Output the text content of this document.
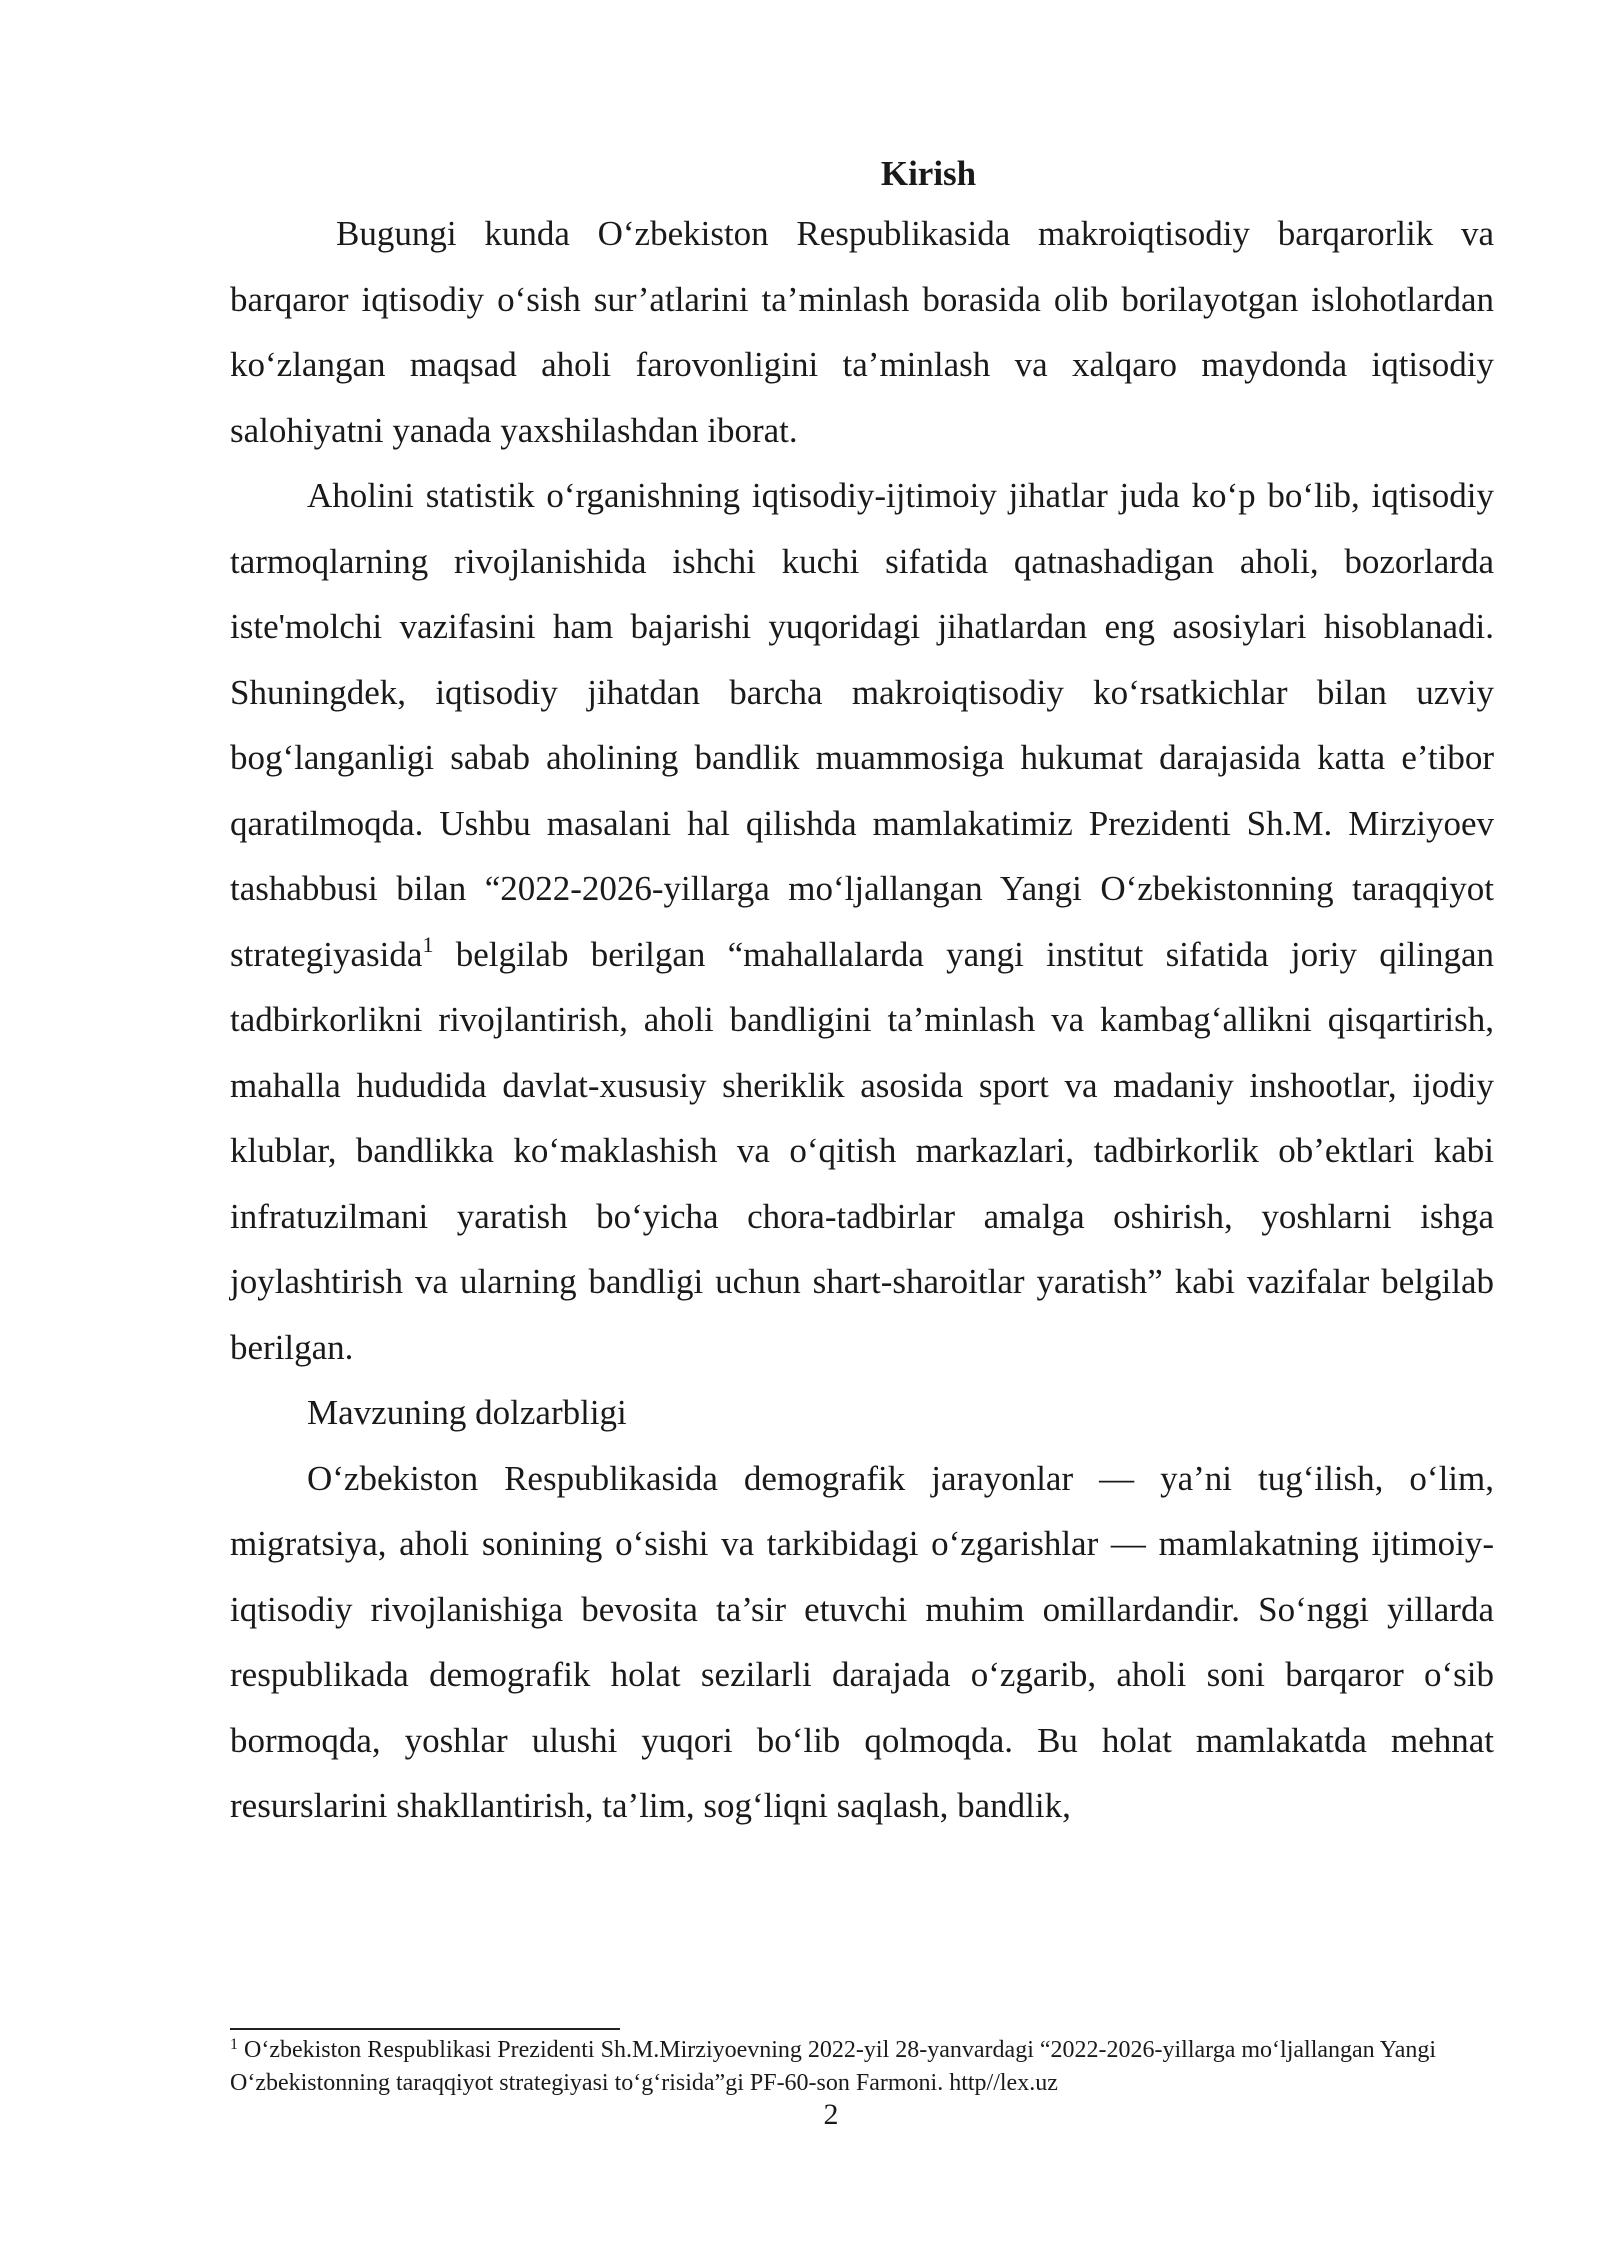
Kirish

Bugungi kunda O‘zbekiston Respublikasida makroiqtisodiy barqarorlik va barqaror iqtisodiy o‘sish sur’atlarini ta’minlash borasida olib borilayotgan islohotlardan ko‘zlangan maqsad aholi farovonligini ta’minlash va xalqaro maydonda iqtisodiy salohiyatni yanada yaxshilashdan iborat.

Aholini statistik o‘rganishning iqtisodiy-ijtimoiy jihatlar juda ko‘p bo‘lib, iqtisodiy tarmoqlarning rivojlanishida ishchi kuchi sifatida qatnashadigan aholi, bozorlarda iste'molchi vazifasini ham bajarishi yuqoridagi jihatlardan eng asosiylari hisoblanadi. Shuningdek, iqtisodiy jihatdan barcha makroiqtisodiy ko‘rsatkichlar bilan uzviy bog‘langanligi sabab aholining bandlik muammosiga hukumat darajasida katta e’tibor qaratilmoqda. Ushbu masalani hal qilishda mamlakatimiz Prezidenti Sh.M. Mirziyoev tashabbusi bilan “2022-2026-yillarga mo‘ljallangan Yangi O‘zbekistonning taraqqiyot strategiyasida$^1$ belgilab berilgan “mahallalarda yangi institut sifatida joriy qilingan tadbirkorlikni rivojlantirish, aholi bandligini ta’minlash va kambag‘allikni qisqartirish, mahalla hududida davlat-xususiy sheriklik asosida sport va madaniy inshootlar, ijodiy klublar, bandlikka ko‘maklashish va o‘qitish markazlari, tadbirkorlik ob’ektlari kabi infratuzilmani yaratish bo‘yicha chora-tadbirlar amalga oshirish, yoshlarni ishga joylashtirish va ularning bandligi uchun shart-sharoitlar yaratish” kabi vazifalar belgilab berilgan.

Mavzuning dolzarbligi

O‘zbekiston Respublikasida demografik jarayonlar — ya’ni tug‘ilish, o‘lim, migratsiya, aholi sonining o‘sishi va tarkibidagi o‘zgarishlar — mamlakatning ijtimoiy-iqtisodiy rivojlanishiga bevosita ta’sir etuvchi muhim omillardandir. So‘nggi yillarda respublikada demografik holat sezilarli darajada o‘zgarib, aholi soni barqaror o‘sib bormoqda, yoshlar ulushi yuqori bo‘lib qolmoqda. Bu holat mamlakatda mehnat resurslarini shakllantirish, ta’lim, sog‘liqni saqlash, bandlik,

$^1$ O‘zbekiston Respublikasi Prezidenti Sh.M.Mirziyoevning 2022-yil 28-yanvardagi “2022-2026-yillarga mo‘ljallangan Yangi O‘zbekistonning taraqqiyot strategiyasi to‘g‘risida”gi PF-60-son Farmoni. http//lex.uz
2
